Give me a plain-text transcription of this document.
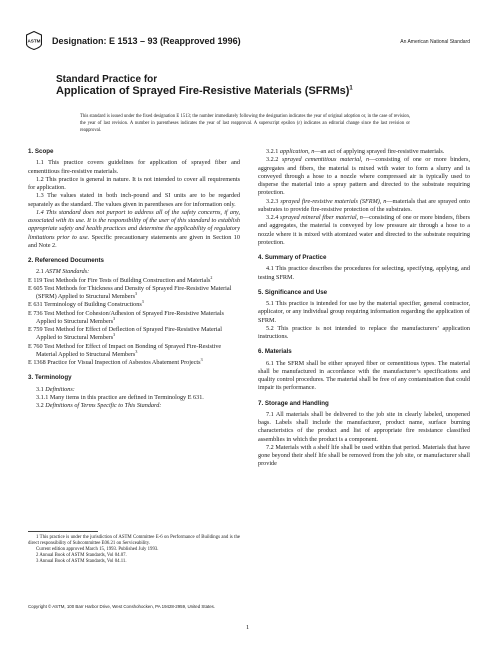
ASTM Designation: E 1513 – 93 (Reapproved 1996)	An American National Standard
Standard Practice for
Application of Sprayed Fire-Resistive Materials (SFRMs)$^1$
This standard is issued under the fixed designation E 1513; the number immediately following the designation indicates the year of original adoption or, in the case of revision, the year of last revision. A number in parentheses indicates the year of last reapproval. A superscript epsilon (ε) indicates an editorial change since the last revision or reapproval.
1. Scope

1.1 This practice covers guidelines for application of sprayed fiber and cementitious fire-resistive materials.

1.2 This practice is general in nature. It is not intended to cover all requirements for application.

1.3 The values stated in both inch-pound and SI units are to be regarded separately as the standard. The values given in parentheses are for information only.

1.4 This standard does not purport to address all of the safety concerns, if any, associated with its use. It is the responsibility of the user of this standard to establish appropriate safety and health practices and determine the applicability of regulatory limitations prior to use. Specific precautionary statements are given in Section 10 and Note 2.

2. Referenced Documents

2.1 ASTM Standards:

E 119 Test Methods for Fire Tests of Building Construction and Materials$^2$

E 605 Test Methods for Thickness and Density of Sprayed Fire-Resistive Material (SFRM) Applied to Structural Members$^3$

E 631 Terminology of Building Constructions$^3$

E 736 Test Method for Cohesion/Adhesion of Sprayed Fire-Resistive Materials Applied to Structural Members$^3$

E 759 Test Method for Effect of Deflection of Sprayed Fire-Resistive Material Applied to Structural Members$^3$

E 760 Test Method for Effect of Impact on Bonding of Sprayed Fire-Resistive Material Applied to Structural Members$^3$

E 1368 Practice for Visual Inspection of Asbestos Abatement Projects$^3$

3. Terminology

3.1 Definitions:

3.1.1 Many items in this practice are defined in Terminology E 631.

3.2 Definitions of Terms Specific to This Standard:

1 This practice is under the jurisdiction of ASTM Committee E-6 on Performance of Buildings and is the direct responsibility of Subcommittee E06.21 on Serviceability.

Current edition approved March 15, 1993. Published July 1993.

2 Annual Book of ASTM Standards, Vol 04.07.

3 Annual Book of ASTM Standards, Vol 04.11.

3.2.1 application, n—an act of applying sprayed fire-resistive materials.

3.2.2 sprayed cementitious material, n—consisting of one or more binders, aggregates and fibers, the material is mixed with water to form a slurry and is conveyed through a hose to a nozzle where compressed air is typically used to disperse the material into a spray pattern and directed to the substrate requiring protection.

3.2.3 sprayed fire-resistive materials (SFRM), n—materials that are sprayed onto substrates to provide fire-resistive protection of the substrates.

3.2.4 sprayed mineral fiber material, n—consisting of one or more binders, fibers and aggregates, the material is conveyed by low pressure air through a hose to a nozzle where it is mixed with atomized water and directed to the substrate requiring protection.

4. Summary of Practice

4.1 This practice describes the procedures for selecting, specifying, applying, and testing SFRM.

5. Significance and Use

5.1 This practice is intended for use by the material specifier, general contractor, applicator, or any individual group requiring information regarding the application of SFRM.

5.2 This practice is not intended to replace the manufacturers’ application instructions.

6. Materials

6.1 The SFRM shall be either sprayed fiber or cementitious types. The material shall be manufactured in accordance with the manufacturer’s specifications and quality control procedures. The material shall be free of any contamination that could impair its performance.

7. Storage and Handling

7.1 All materials shall be delivered to the job site in clearly labeled, unopened bags. Labels shall include the manufacturer, product name, surface burning characteristics of the product and list of appropriate fire resistance classified assemblies in which the product is a component.

7.2 Materials with a shelf life shall be used within that period. Materials that have gone beyond their shelf life shall be removed from the job site, or manufacturer shall provide

Copyright © ASTM, 100 Barr Harbor Drive, West Conshohocken, PA 19428-2959, United States.
1
